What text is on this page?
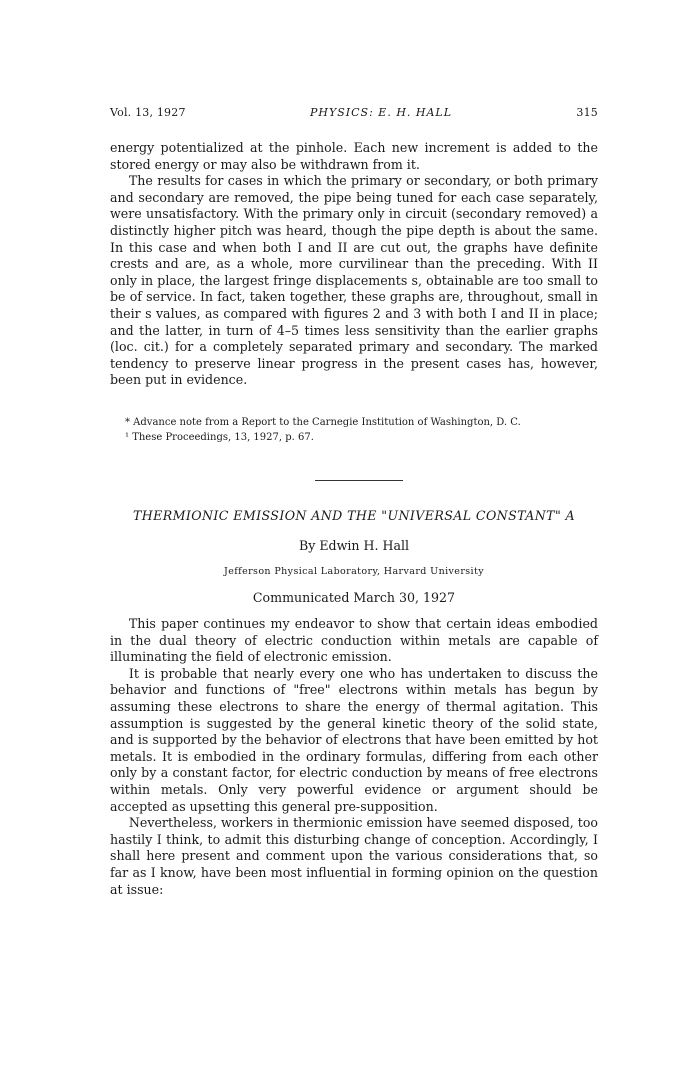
Vol. 13, 1927	PHYSICS: E. H. HALL	315

energy potentialized at the pinhole. Each new increment is added to the stored energy or may also be withdrawn from it.

The results for cases in which the primary or secondary, or both primary and secondary are removed, the pipe being tuned for each case separately, were unsatisfactory. With the primary only in circuit (secondary removed) a distinctly higher pitch was heard, though the pipe depth is about the same. In this case and when both I and II are cut out, the graphs have definite crests and are, as a whole, more curvilinear than the preceding. With II only in place, the largest fringe displacements s, obtainable are too small to be of service. In fact, taken together, these graphs are, throughout, small in their s values, as compared with figures 2 and 3 with both I and II in place; and the latter, in turn of 4–5 times less sensitivity than the earlier graphs (loc. cit.) for a completely separated primary and secondary. The marked tendency to preserve linear progress in the present cases has, however, been put in evidence.

* Advance note from a Report to the Carnegie Institution of Washington, D. C.

¹ These Proceedings, 13, 1927, p. 67.

THERMIONIC EMISSION AND THE "UNIVERSAL CONSTANT" A
By Edwin H. Hall
Jefferson Physical Laboratory, Harvard University
Communicated March 30, 1927

This paper continues my endeavor to show that certain ideas embodied in the dual theory of electric conduction within metals are capable of illuminating the field of electronic emission.

It is probable that nearly every one who has undertaken to discuss the behavior and functions of "free" electrons within metals has begun by assuming these electrons to share the energy of thermal agitation. This assumption is suggested by the general kinetic theory of the solid state, and is supported by the behavior of electrons that have been emitted by hot metals. It is embodied in the ordinary formulas, differing from each other only by a constant factor, for electric conduction by means of free electrons within metals. Only very powerful evidence or argument should be accepted as upsetting this general pre-supposition.

Nevertheless, workers in thermionic emission have seemed disposed, too hastily I think, to admit this disturbing change of conception. Accordingly, I shall here present and comment upon the various considerations that, so far as I know, have been most influential in forming opinion on the question at issue:
